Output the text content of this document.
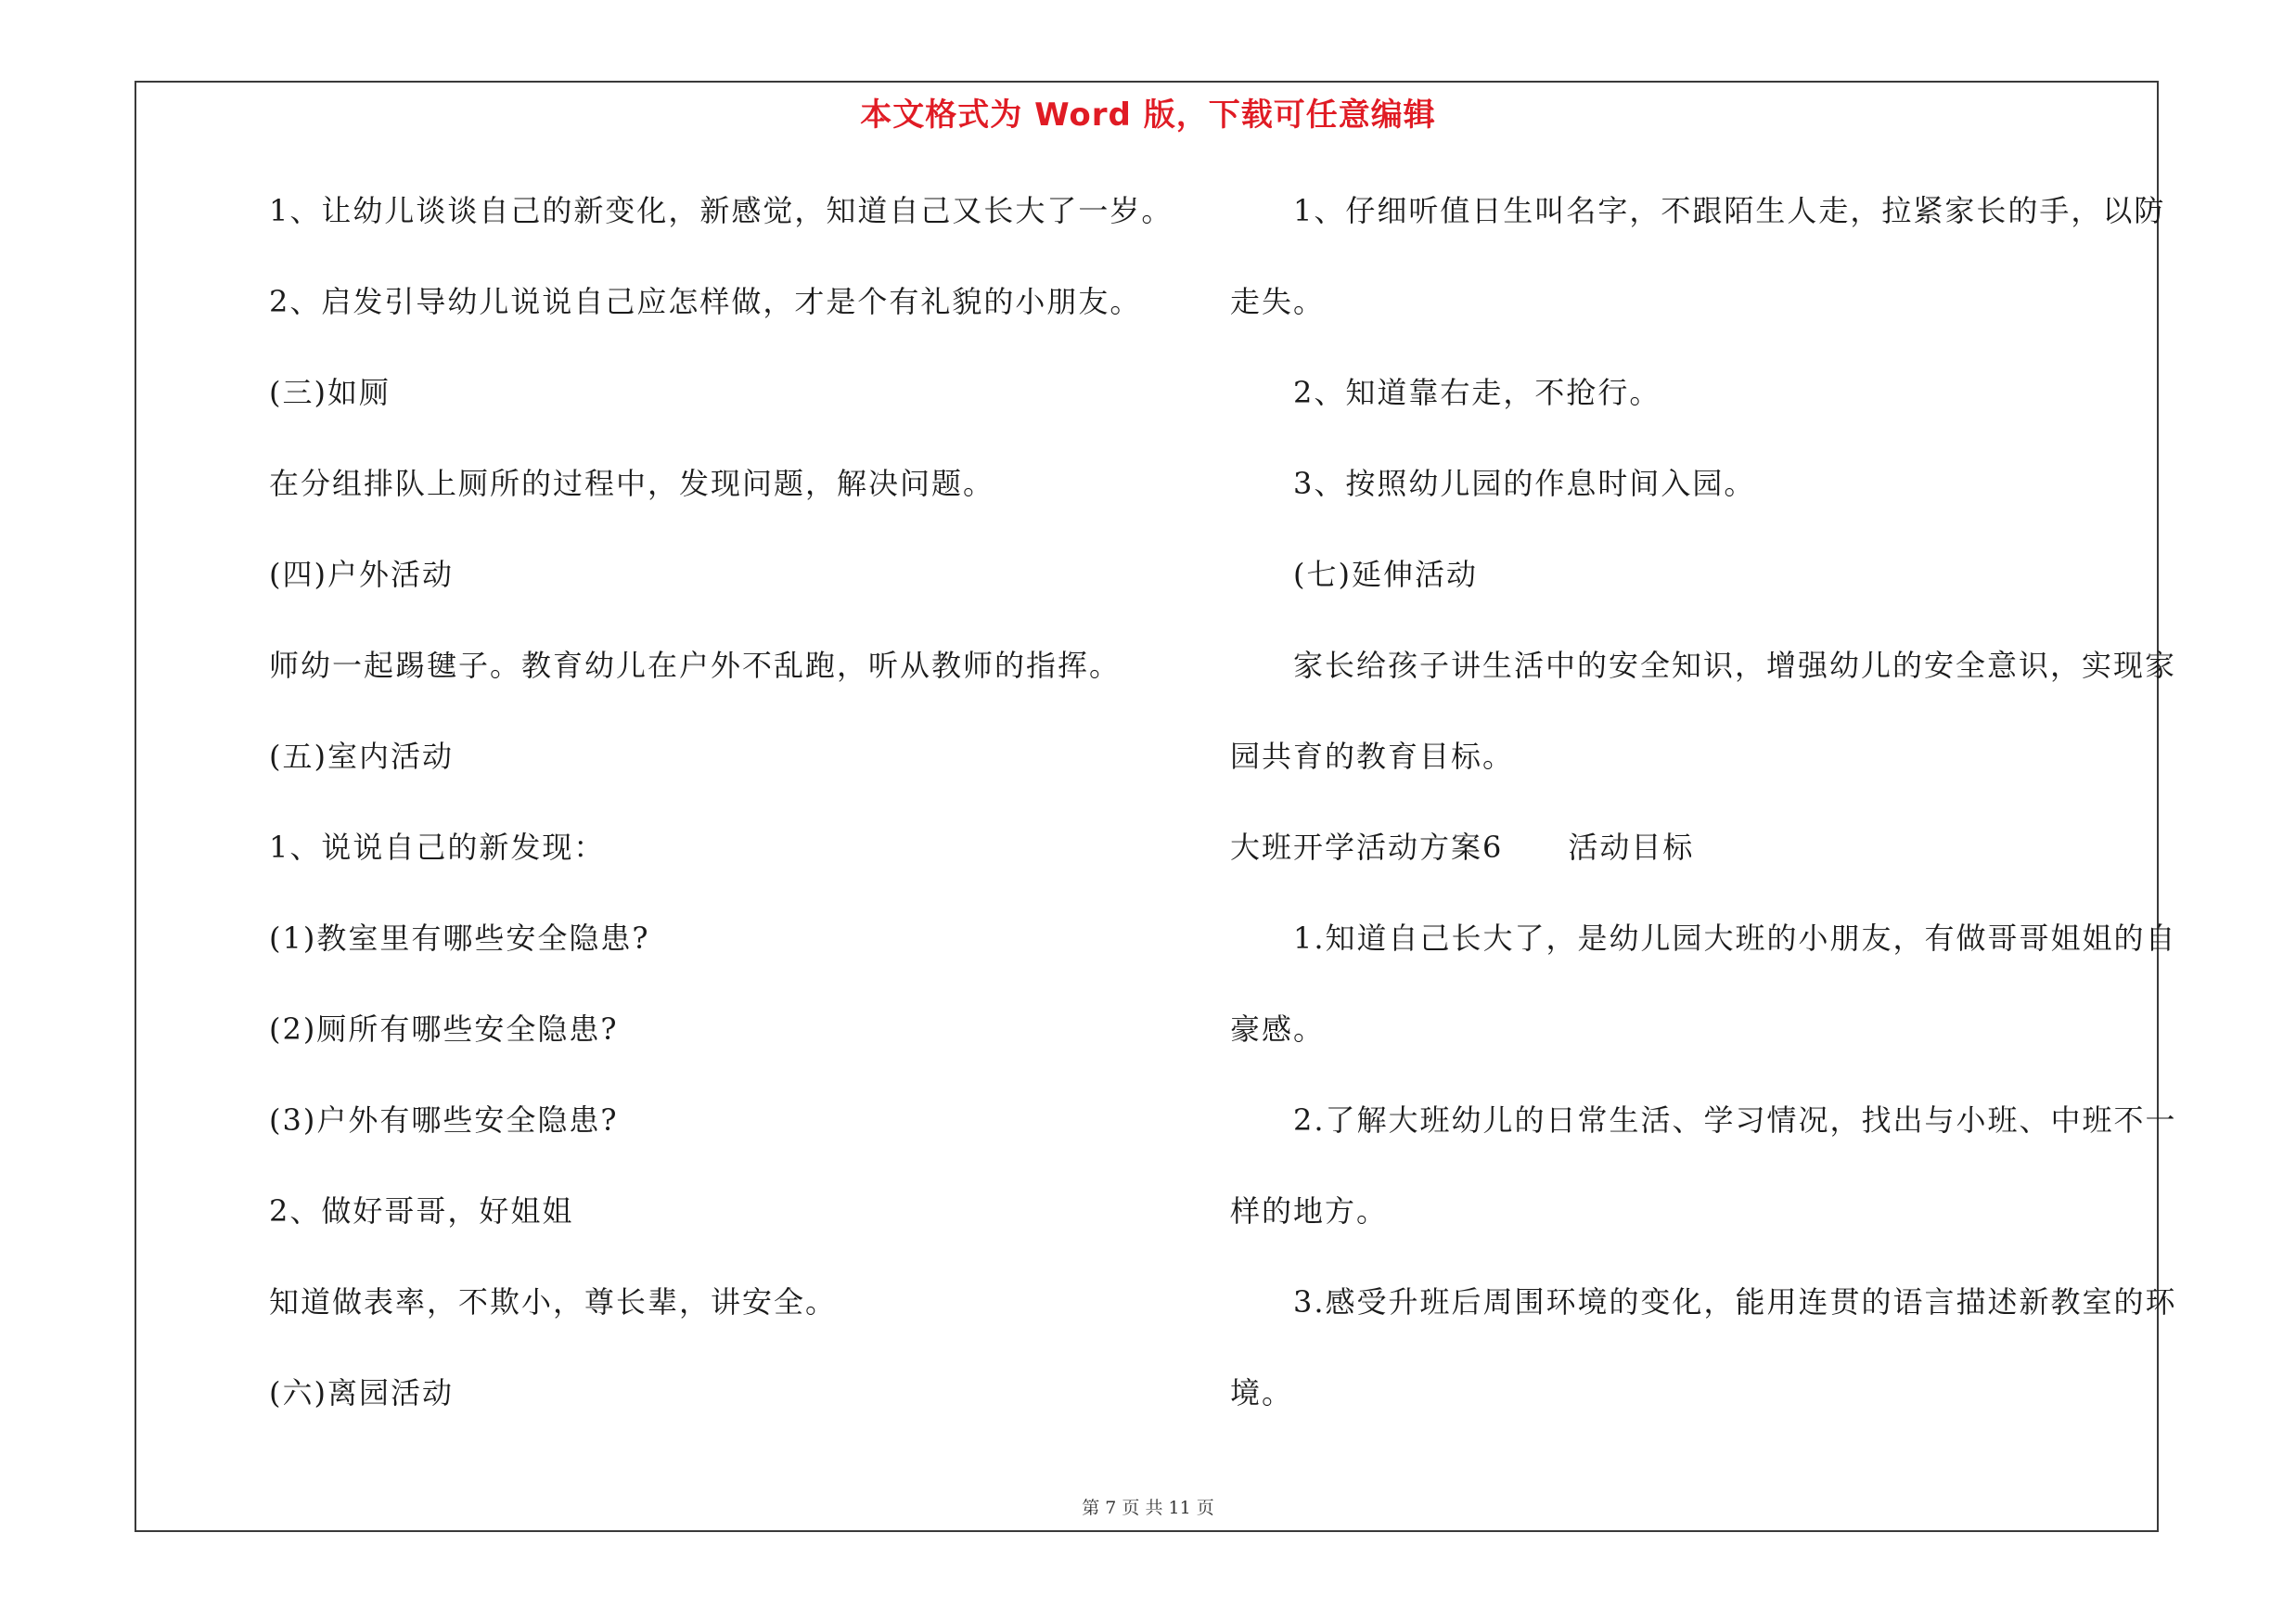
本文格式为 Word 版，下载可任意编辑
1、让幼儿谈谈自己的新变化，新感觉，知道自己又长大了一岁。
2、启发引导幼儿说说自己应怎样做，才是个有礼貌的小朋友。
(三)如厕
在分组排队上厕所的过程中，发现问题，解决问题。
(四)户外活动
师幼一起踢毽子。教育幼儿在户外不乱跑，听从教师的指挥。
(五)室内活动
1、说说自己的新发现：
(1)教室里有哪些安全隐患?
(2)厕所有哪些安全隐患?
(3)户外有哪些安全隐患?
2、做好哥哥，好姐姐
知道做表率，不欺小，尊长辈，讲安全。
(六)离园活动
1、仔细听值日生叫名字，不跟陌生人走，拉紧家长的手，以防
走失。
2、知道靠右走，不抢行。
3、按照幼儿园的作息时间入园。
(七)延伸活动
家长给孩子讲生活中的安全知识，增强幼儿的安全意识，实现家
园共育的教育目标。
大班开学活动方案6 活动目标
1.知道自己长大了，是幼儿园大班的小朋友，有做哥哥姐姐的自
豪感。
2.了解大班幼儿的日常生活、学习情况，找出与小班、中班不一
样的地方。
3.感受升班后周围环境的变化，能用连贯的语言描述新教室的环
境。
第 7 页 共 11 页
